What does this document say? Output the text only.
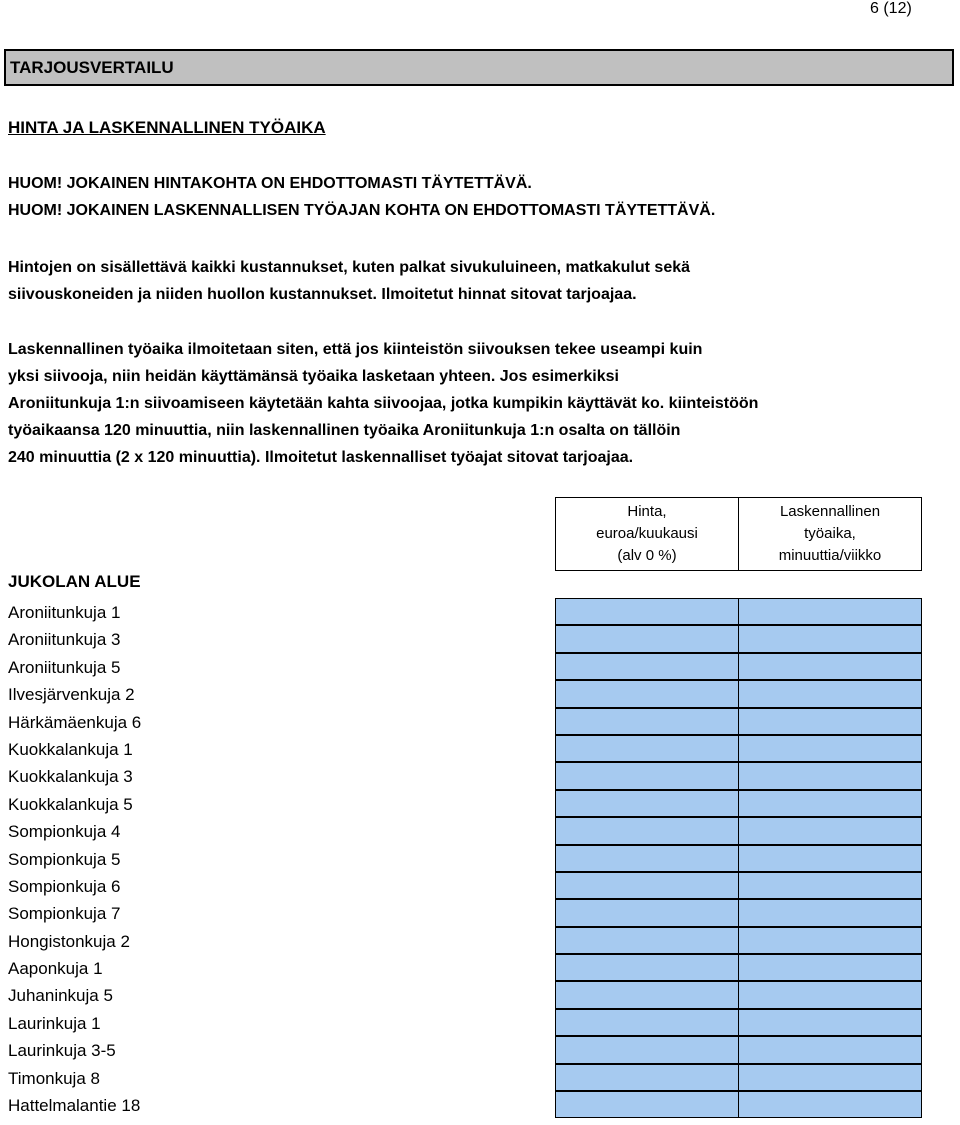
6 (12)
TARJOUSVERTAILU
HINTA JA LASKENNALLINEN TYÖAIKA
HUOM! JOKAINEN HINTAKOHTA ON EHDOTTOMASTI TÄYTETTÄVÄ.
HUOM! JOKAINEN LASKENNALLISEN TYÖAJAN KOHTA ON EHDOTTOMASTI TÄYTETTÄVÄ.
Hintojen on sisällettävä kaikki kustannukset, kuten palkat sivukuluineen, matkakulut sekä
siivouskoneiden ja niiden huollon kustannukset. Ilmoitetut hinnat sitovat tarjoajaa.
Laskennallinen työaika ilmoitetaan siten, että jos kiinteistön siivouksen tekee useampi kuin
yksi siivooja, niin heidän käyttämänsä työaika lasketaan yhteen. Jos esimerkiksi
Aroniitunkuja 1:n siivoamiseen käytetään kahta siivoojaa, jotka kumpikin käyttävät ko. kiinteistöön
työaikaansa 120 minuuttia, niin laskennallinen työaika Aroniitunkuja 1:n osalta on tällöin
240 minuuttia (2 x 120 minuuttia). Ilmoitetut laskennalliset työajat sitovat tarjoajaa.
Hinta,
euroa/kuukausi
(alv 0 %)
Laskennallinen
työaika,
minuuttia/viikko
JUKOLAN ALUE
Aroniitunkuja 1
Aroniitunkuja 3
Aroniitunkuja 5
Ilvesjärvenkuja 2
Härkämäenkuja 6
Kuokkalankuja 1
Kuokkalankuja 3
Kuokkalankuja 5
Sompionkuja 4
Sompionkuja 5
Sompionkuja 6
Sompionkuja 7
Hongistonkuja 2
Aaponkuja 1
Juhaninkuja 5
Laurinkuja 1
Laurinkuja 3-5
Timonkuja 8
Hattelmalantie 18
